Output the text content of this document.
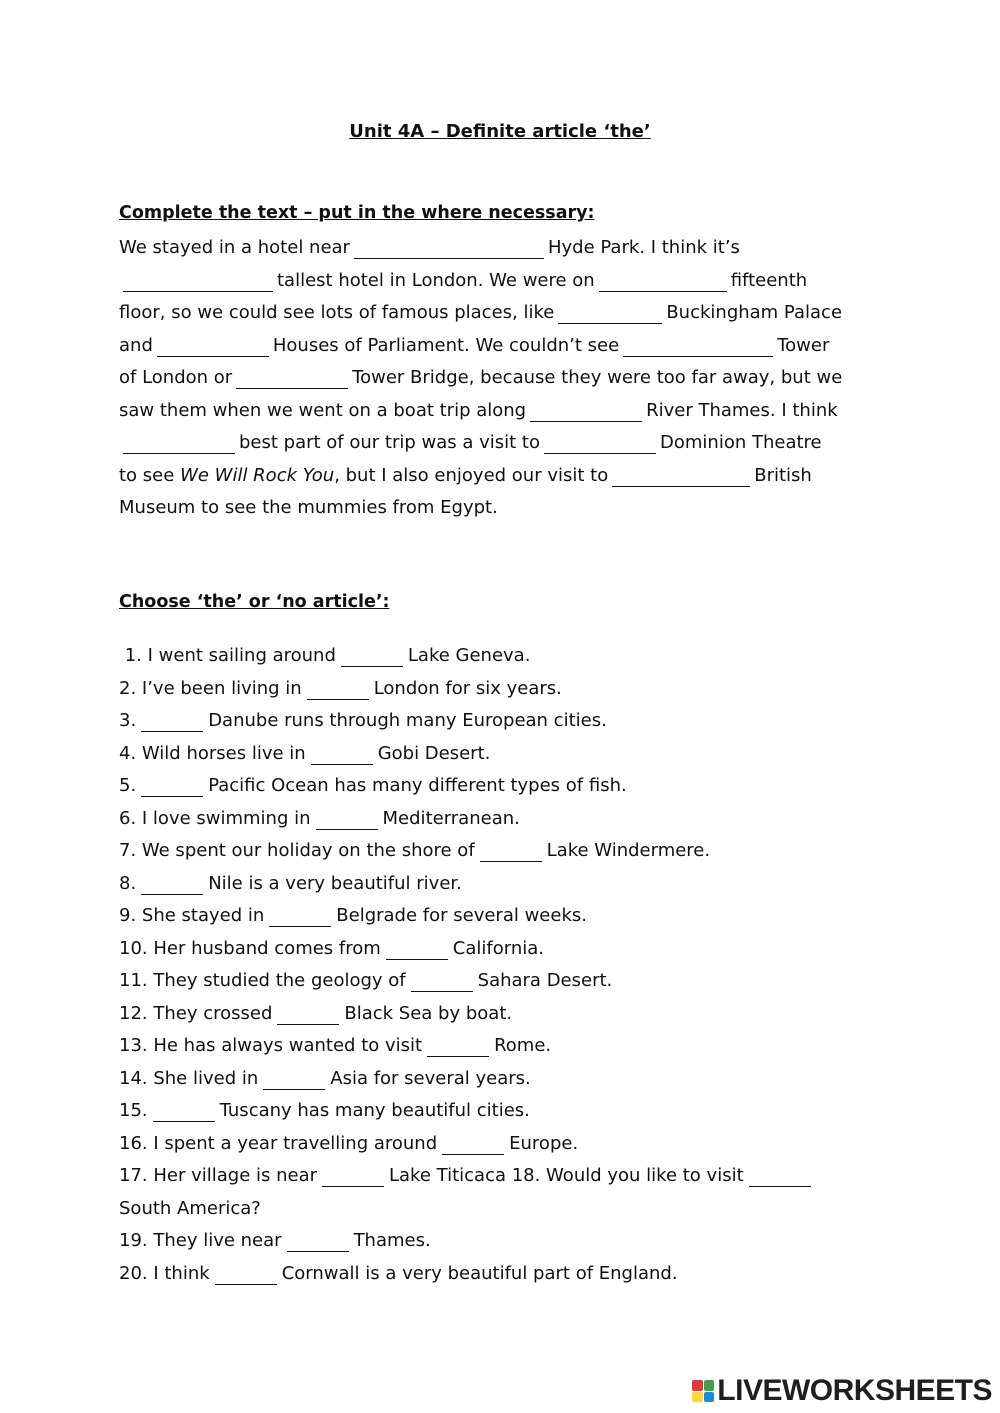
Unit 4A – Definite article ‘the’
Complete the text – put in the where necessary:
We stayed in a hotel near	Hyde Park. I think it’s
tallest hotel in London. We were on	fifteenth
floor, so we could see lots of famous places, like	Buckingham Palace
and	Houses of Parliament. We couldn’t see	Tower
of London or	Tower Bridge, because they were too far away, but we
saw them when we went on a boat trip along	River Thames. I think
best part of our trip was a visit to	Dominion Theatre
to see We Will Rock You, but I also enjoyed our visit to	British
Museum to see the mummies from Egypt.
Choose ‘the’ or ‘no article’:
1. I went sailing around	Lake Geneva.
2. I’ve been living in	London for six years.
3.	Danube runs through many European cities.
4. Wild horses live in	Gobi Desert.
5.	Pacific Ocean has many different types of fish.
6. I love swimming in	Mediterranean.
7. We spent our holiday on the shore of	Lake Windermere.
8.	Nile is a very beautiful river.
9. She stayed in	Belgrade for several weeks.
10. Her husband comes from	California.
11. They studied the geology of	Sahara Desert.
12. They crossed	Black Sea by boat.
13. He has always wanted to visit	Rome.
14. She lived in	Asia for several years.
15.	Tuscany has many beautiful cities.
16. I spent a year travelling around	Europe.
17. Her village is near	Lake Titicaca 18. Would you like to visit
South America?
19. They live near	Thames.
20. I think	Cornwall is a very beautiful part of England.
LIVEWORKSHEETS
